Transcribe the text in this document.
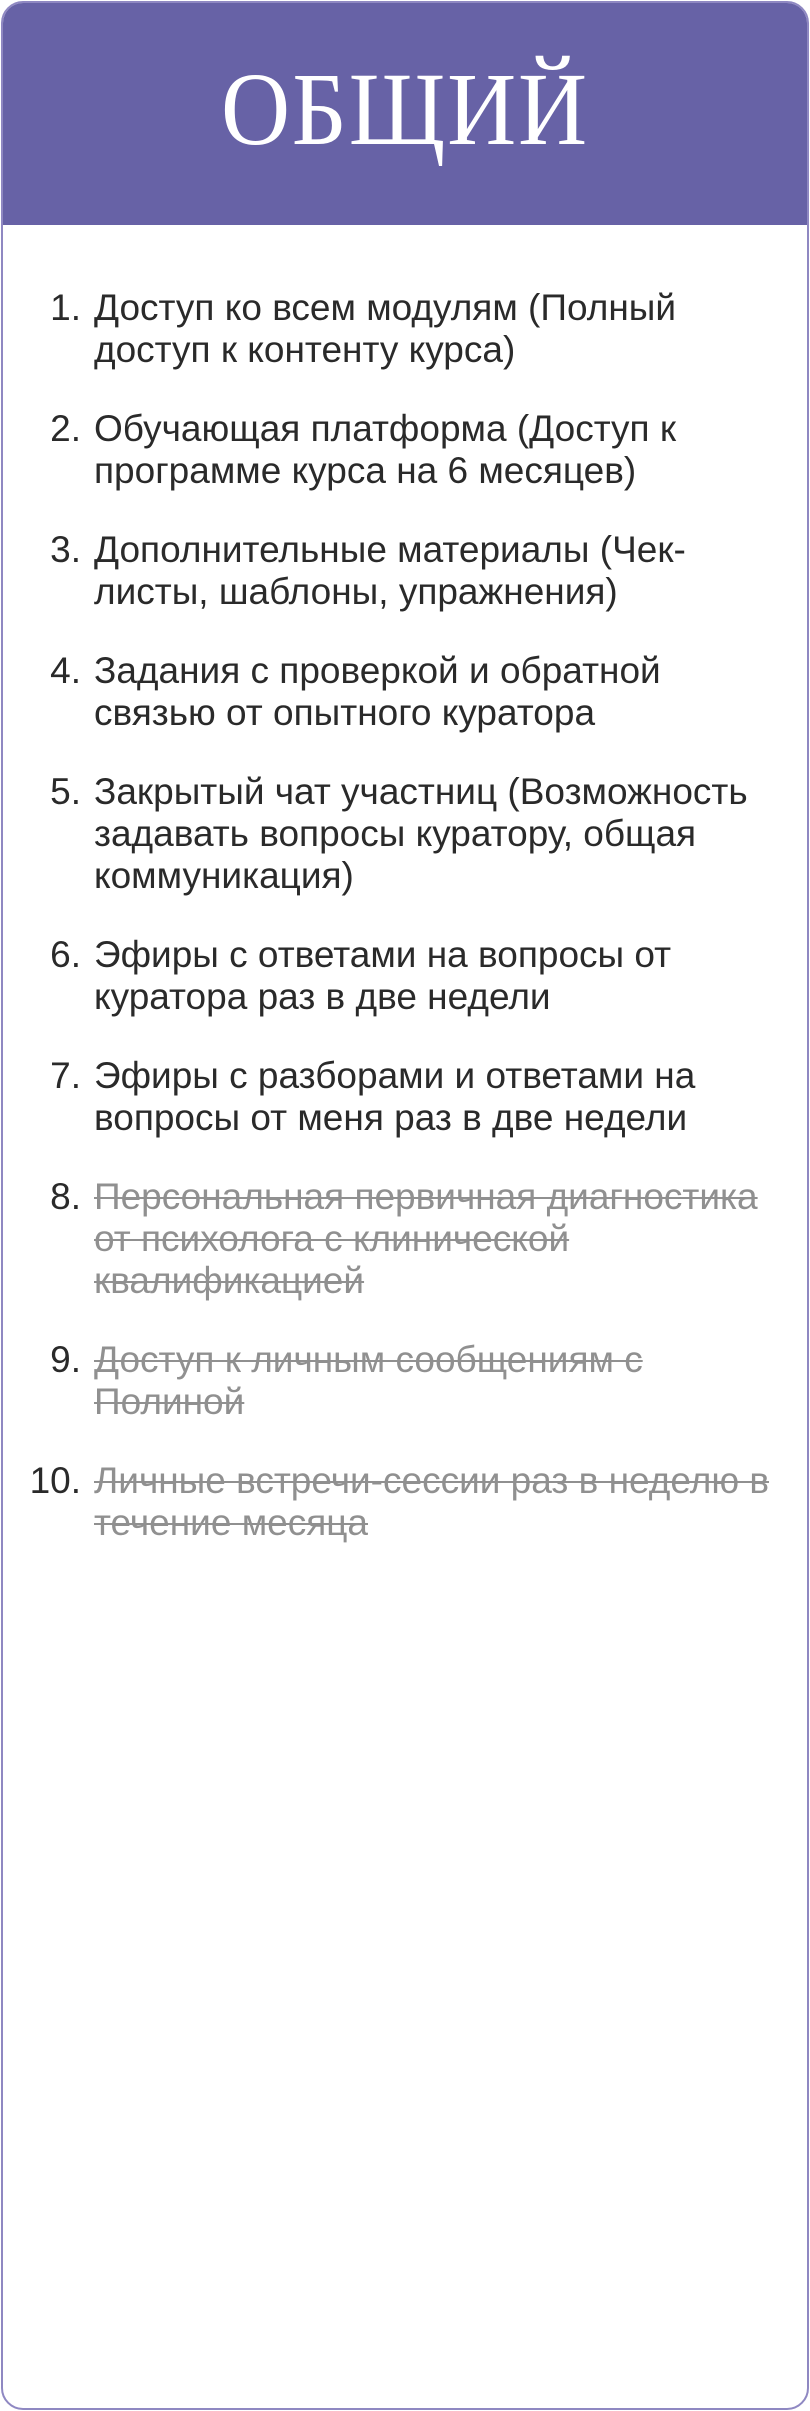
ОБЩИЙ
1. Доступ ко всем модулям (Полный доступ к контенту курса)
2. Обучающая платформа (Доступ к программе курса на 6 месяцев)
3. Дополнительные материалы (Чек-листы, шаблоны, упражнения)
4. Задания с проверкой и обратной связью от опытного куратора
5. Закрытый чат участниц (Возможность задавать вопросы куратору, общая коммуникация)
6. Эфиры с ответами на вопросы от куратора раз в две недели
7. Эфиры с разборами и ответами на вопросы от меня раз в две недели
8. Персональная первичная диагностика от психолога с клинической квалификацией
9. Доступ к личным сообщениям с Полиной
10. Личные встречи-сессии раз в неделю в течение месяца
